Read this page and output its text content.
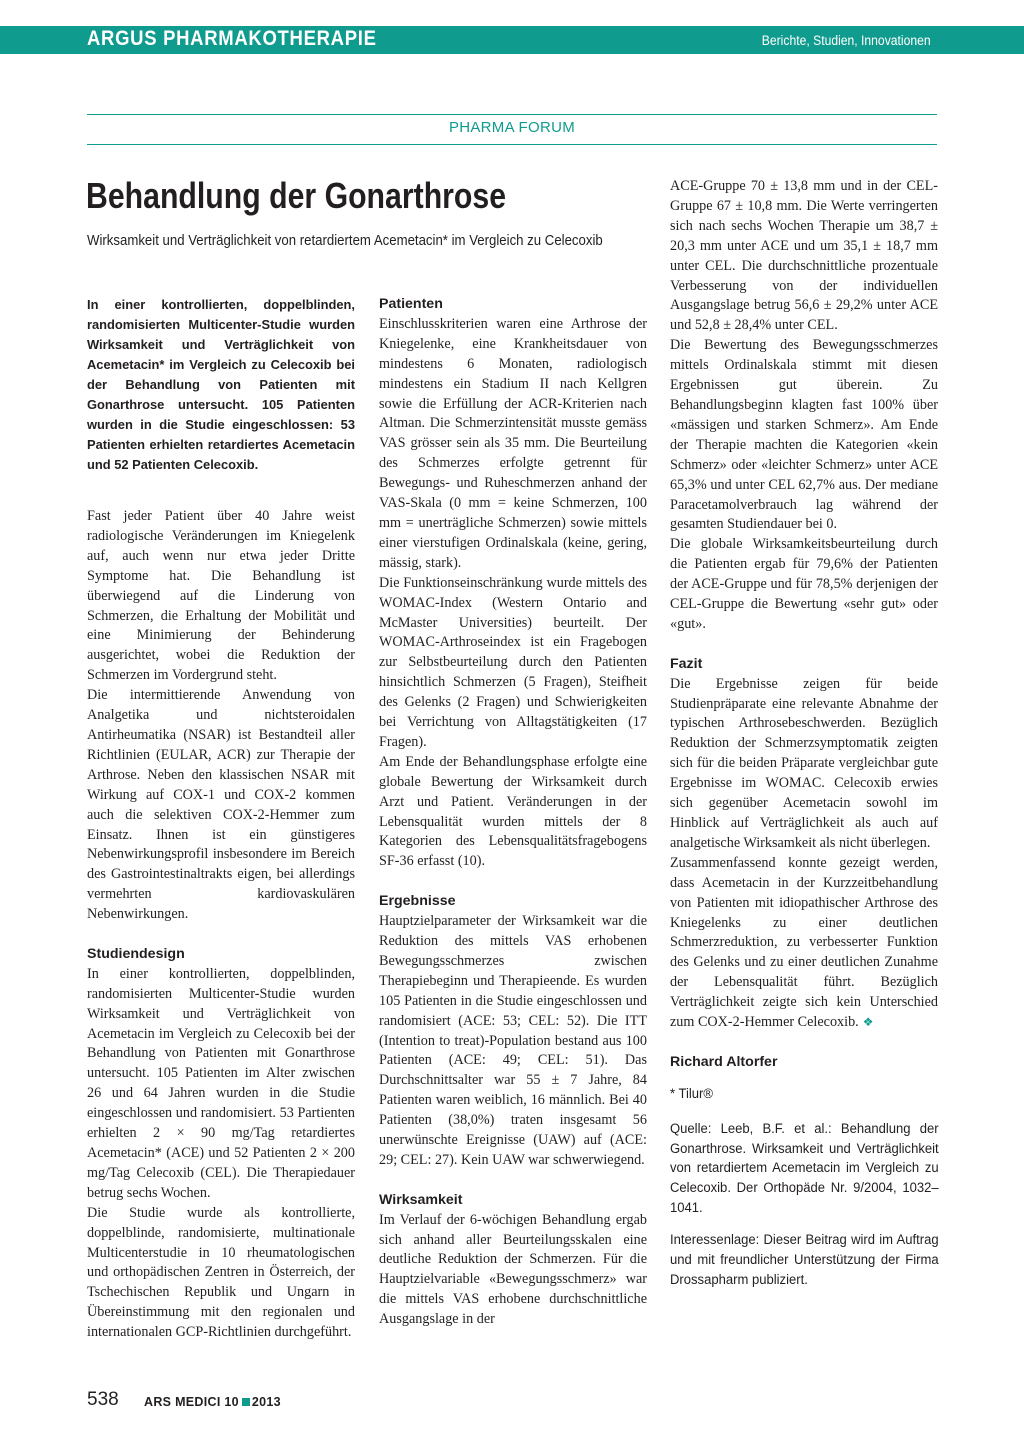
ARGUS PHARMAKOTHERAPIE	Berichte, Studien, Innovationen
PHARMA FORUM
Behandlung der Gonarthrose
Wirksamkeit und Verträglichkeit von retardiertem Acemetacin* im Vergleich zu Celecoxib

In einer kontrollierten, doppelblinden, randomisierten Multicenter-Studie wurden Wirksamkeit und Verträglichkeit von Acemetacin* im Vergleich zu Celecoxib bei der Behandlung von Patienten mit Gonarthrose untersucht. 105 Patienten wurden in die Studie eingeschlossen: 53 Patienten erhielten retardiertes Acemetacin und 52 Patienten Celecoxib.

Fast jeder Patient über 40 Jahre weist radiologische Veränderungen im Kniegelenk auf, auch wenn nur etwa jeder Dritte Symptome hat. Die Behandlung ist überwiegend auf die Linderung von Schmerzen, die Erhaltung der Mobilität und eine Minimierung der Behinderung ausgerichtet, wobei die Reduktion der Schmerzen im Vordergrund steht.

Die intermittierende Anwendung von Analgetika und nichtsteroidalen Antirheumatika (NSAR) ist Bestandteil aller Richtlinien (EULAR, ACR) zur Therapie der Arthrose. Neben den klassischen NSAR mit Wirkung auf COX-1 und COX-2 kommen auch die selektiven COX-2-Hemmer zum Einsatz. Ihnen ist ein günstigeres Nebenwirkungsprofil insbesondere im Bereich des Gastrointestinaltrakts eigen, bei allerdings vermehrten kardiovaskulären Nebenwirkungen.

Studiendesign

In einer kontrollierten, doppelblinden, randomisierten Multicenter-Studie wurden Wirksamkeit und Verträglichkeit von Acemetacin im Vergleich zu Celecoxib bei der Behandlung von Patienten mit Gonarthrose untersucht. 105 Patienten im Alter zwischen 26 und 64 Jahren wurden in die Studie eingeschlossen und randomisiert. 53 Partienten erhielten 2 × 90 mg/Tag retardiertes Acemetacin* (ACE) und 52 Patienten 2 × 200 mg/Tag Celecoxib (CEL). Die Therapiedauer betrug sechs Wochen.

Die Studie wurde als kontrollierte, doppelblinde, randomisierte, multinationale Multicenterstudie in 10 rheumatologischen und orthopädischen Zentren in Österreich, der Tschechischen Republik und Ungarn in Übereinstimmung mit den regionalen und internationalen GCP-Richtlinien durchgeführt.

Patienten

Einschlusskriterien waren eine Arthrose der Kniegelenke, eine Krankheitsdauer von mindestens 6 Monaten, radiologisch mindestens ein Stadium II nach Kellgren sowie die Erfüllung der ACR-Kriterien nach Altman. Die Schmerzintensität musste gemäss VAS grösser sein als 35 mm. Die Beurteilung des Schmerzes erfolgte getrennt für Bewegungs- und Ruheschmerzen anhand der VAS-Skala (0 mm = keine Schmerzen, 100 mm = unerträgliche Schmerzen) sowie mittels einer vierstufigen Ordinalskala (keine, gering, mässig, stark).

Die Funktionseinschränkung wurde mittels des WOMAC-Index (Western Ontario and McMaster Universities) beurteilt. Der WOMAC-Arthroseindex ist ein Fragebogen zur Selbstbeurteilung durch den Patienten hinsichtlich Schmerzen (5 Fragen), Steifheit des Gelenks (2 Fragen) und Schwierigkeiten bei Verrichtung von Alltagstätigkeiten (17 Fragen).

Am Ende der Behandlungsphase erfolgte eine globale Bewertung der Wirksamkeit durch Arzt und Patient. Veränderungen in der Lebensqualität wurden mittels der 8 Kategorien des Lebensqualitätsfragebogens SF-36 erfasst (10).

Ergebnisse

Hauptzielparameter der Wirksamkeit war die Reduktion des mittels VAS erhobenen Bewegungsschmerzes zwischen Therapiebeginn und Therapieende. Es wurden 105 Patienten in die Studie eingeschlossen und randomisiert (ACE: 53; CEL: 52). Die ITT (Intention to treat)-Population bestand aus 100 Patienten (ACE: 49; CEL: 51). Das Durchschnittsalter war 55 ± 7 Jahre, 84 Patienten waren weiblich, 16 männlich. Bei 40 Patienten (38,0%) traten insgesamt 56 unerwünschte Ereignisse (UAW) auf (ACE: 29; CEL: 27). Kein UAW war schwerwiegend.

Wirksamkeit

Im Verlauf der 6-wöchigen Behandlung ergab sich anhand aller Beurteilungsskalen eine deutliche Reduktion der Schmerzen. Für die Hauptzielvariable «Bewegungsschmerz» war die mittels VAS erhobene durchschnittliche Ausgangslage in der

ACE-Gruppe 70 ± 13,8 mm und in der CEL-Gruppe 67 ± 10,8 mm. Die Werte verringerten sich nach sechs Wochen Therapie um 38,7 ± 20,3 mm unter ACE und um 35,1 ± 18,7 mm unter CEL. Die durchschnittliche prozentuale Verbesserung von der individuellen Ausgangslage betrug 56,6 ± 29,2% unter ACE und 52,8 ± 28,4% unter CEL.

Die Bewertung des Bewegungsschmerzes mittels Ordinalskala stimmt mit diesen Ergebnissen gut überein. Zu Behandlungsbeginn klagten fast 100% über «mässigen und starken Schmerz». Am Ende der Therapie machten die Kategorien «kein Schmerz» oder «leichter Schmerz» unter ACE 65,3% und unter CEL 62,7% aus. Der mediane Paracetamolverbrauch lag während der gesamten Studiendauer bei 0.

Die globale Wirksamkeitsbeurteilung durch die Patienten ergab für 79,6% der Patienten der ACE-Gruppe und für 78,5% derjenigen der CEL-Gruppe die Bewertung «sehr gut» oder «gut».

Fazit

Die Ergebnisse zeigen für beide Studienpräparate eine relevante Abnahme der typischen Arthrosebeschwerden. Bezüglich Reduktion der Schmerzsymptomatik zeigten sich für die beiden Präparate vergleichbar gute Ergebnisse im WOMAC. Celecoxib erwies sich gegenüber Acemetacin sowohl im Hinblick auf Verträglichkeit als auch auf analgetische Wirksamkeit als nicht überlegen.

Zusammenfassend konnte gezeigt werden, dass Acemetacin in der Kurzzeitbehandlung von Patienten mit idiopathischer Arthrose des Kniegelenks zu einer deutlichen Schmerzreduktion, zu verbesserter Funktion des Gelenks und zu einer deutlichen Zunahme der Lebensqualität führt. Bezüglich Verträglichkeit zeigte sich kein Unterschied zum COX-2-Hemmer Celecoxib. ❖

Richard Altorfer

* Tilur®

Quelle: Leeb, B.F. et al.: Behandlung der Gonarthrose. Wirksamkeit und Verträglichkeit von retardiertem Acemetacin im Vergleich zu Celecoxib. Der Orthopäde Nr. 9/2004, 1032–1041.

Interessenlage: Dieser Beitrag wird im Auftrag und mit freundlicher Unterstützung der Firma Drossapharm publiziert.

538 ARS MEDICI 10 2013
